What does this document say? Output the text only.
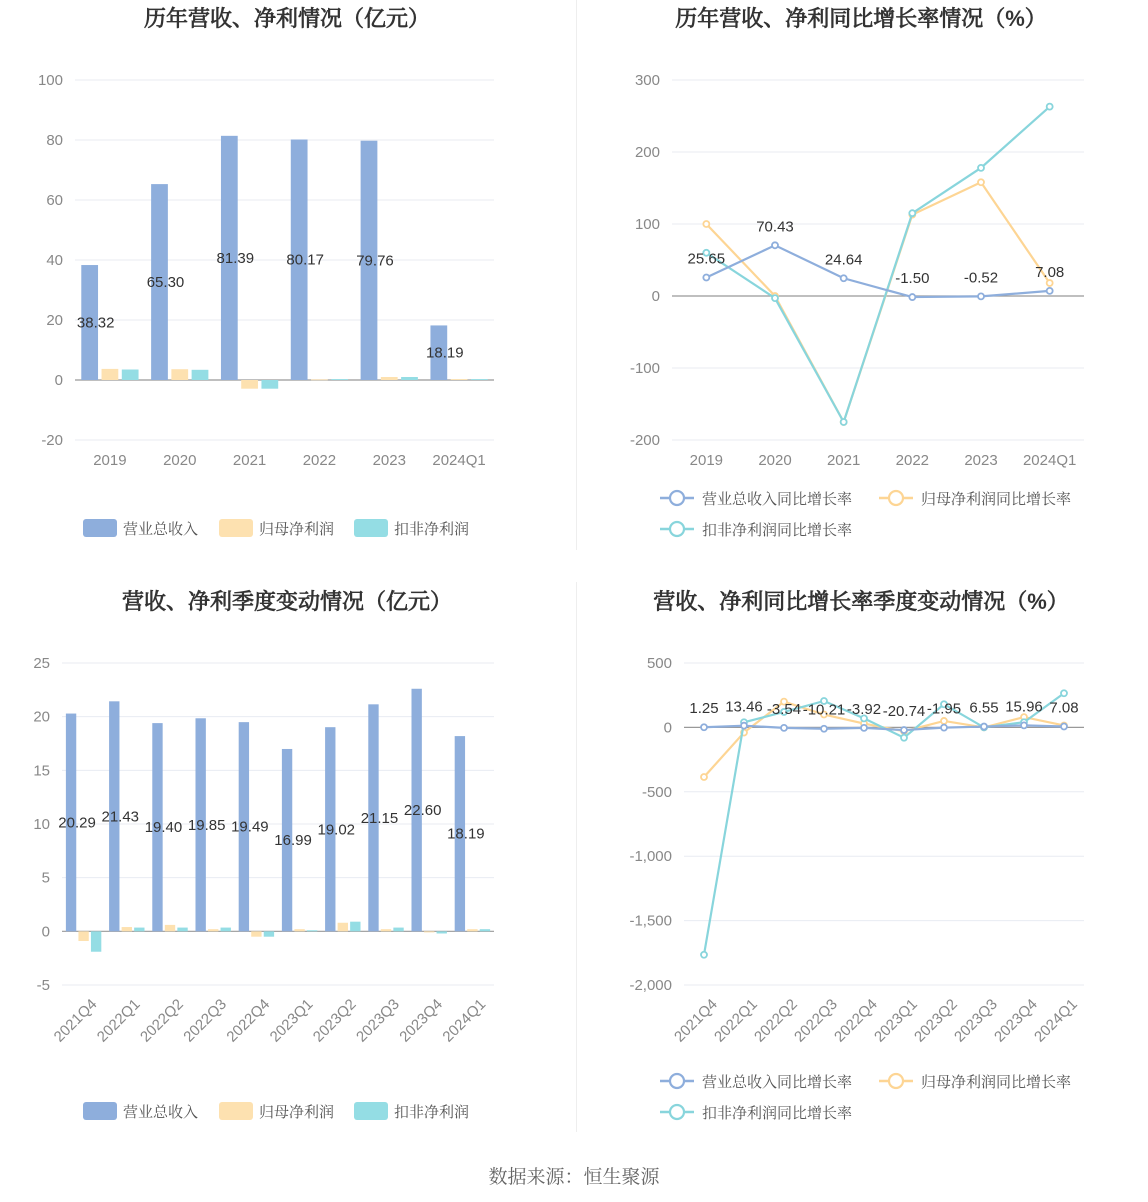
历年营收、净利情况（亿元）
-20
0
20
40
60
80
100
2019 2020 2021 2022 2023 2024Q1
38.32
65.30
81.39 80.17 79.76
18.19
营业总收入	归母净利润	扣非净利润
历年营收、净利同比增长率情况（%）
-200
-100
0
100
200
300
2019 2020 2021 2022 2023 2024Q1
25.65
70.43
24.64
-1.50 -0.52 7.08
营业总收入同比增长率	归母净利润同比增长率
扣非净利润同比增长率
营收、净利季度变动情况（亿元）
-5
0
5
10
15
20
25
2021Q4
2022Q1
2022Q2
2022Q3
2022Q4
2023Q1
2023Q2
2023Q3
2023Q4
2024Q1
20.29 21.43
19.40 19.85 19.49
16.99
19.02
21.15 22.60
18.19
营业总收入	归母净利润	扣非净利润
营收、净利同比增长率季度变动情况（%）
-2,000
-1,500
-1,000
-500
0
500
2021Q4
2022Q1
2022Q2
2022Q3
2022Q4
2023Q1
2023Q2
2023Q3
2023Q4
2024Q1
1.25 13.46 -3.54 -10.21 -3.92 -20.74 -1.95 6.55 15.96 7.08
营业总收入同比增长率	归母净利润同比增长率
扣非净利润同比增长率
数据来源：恒生聚源
